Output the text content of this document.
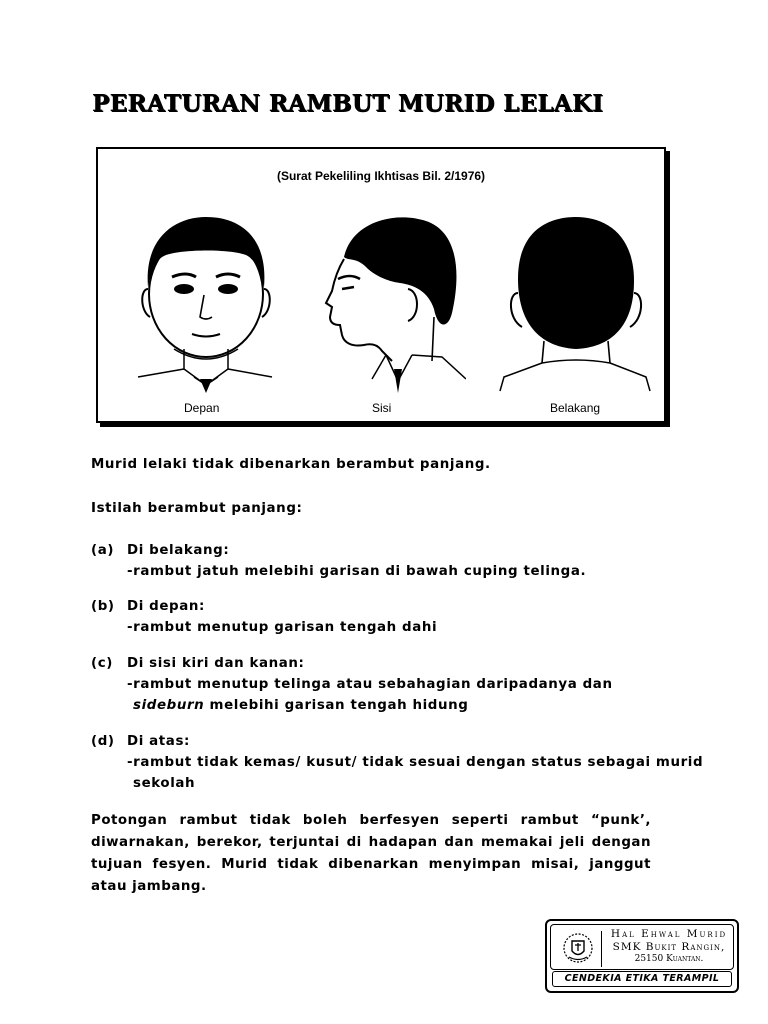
PERATURAN RAMBUT MURID LELAKI
(Surat Pekeliling Ikhtisas Bil. 2/1976)
Depan	Sisi	Belakang
Murid lelaki tidak dibenarkan berambut panjang.
Istilah berambut panjang:
(a) Di belakang:
-rambut jatuh melebihi garisan di bawah cuping telinga.
(b) Di depan:
-rambut menutup garisan tengah dahi
(c) Di sisi kiri dan kanan:
-rambut menutup telinga atau sebahagian daripadanya dan
sideburn melebihi garisan tengah hidung
(d) Di atas:
-rambut tidak kemas/ kusut/ tidak sesuai dengan status sebagai murid
sekolah
Potongan rambut tidak boleh berfesyen seperti rambut “punk’, diwarnakan, berekor, terjuntai di hadapan dan memakai jeli dengan tujuan fesyen. Murid tidak dibenarkan menyimpan misai, janggut atau jambang.
Hal Ehwal Murid
SMK Bukit Rangin,
25150 Kuantan.
CENDEKIA ETIKA TERAMPIL
